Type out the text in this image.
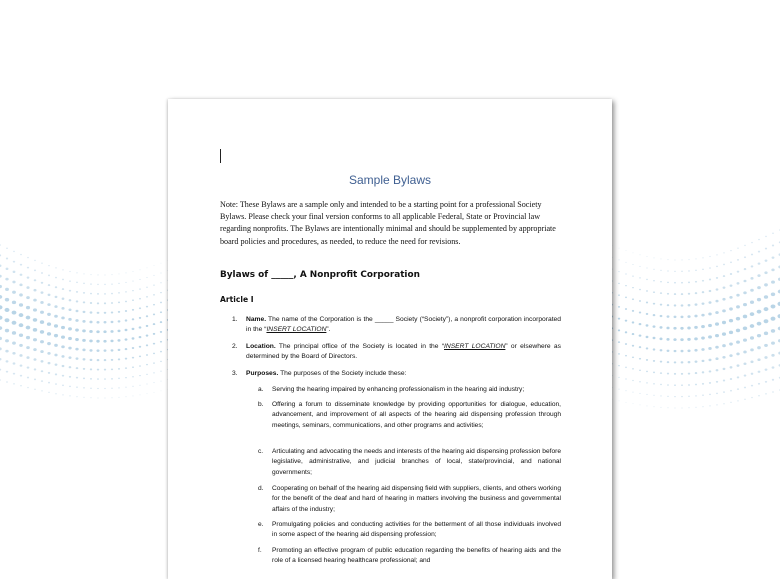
Sample Bylaws
Note: These Bylaws are a sample only and intended to be a starting point for a professional Society Bylaws. Please check your final version conforms to all applicable Federal, State or Provincial law regarding nonprofits. The Bylaws are intentionally minimal and should be supplemented by appropriate board policies and procedures, as needed, to reduce the need for revisions.
Bylaws of _____, A Nonprofit Corporation
Article I
1. Name. The name of the Corporation is the _____ Society (“Society”), a nonprofit corporation incorporated in the “INSERT LOCATION”.
2. Location. The principal office of the Society is located in the “INSERT LOCATION” or elsewhere as determined by the Board of Directors.
3. Purposes. The purposes of the Society include these:
a. Serving the hearing impaired by enhancing professionalism in the hearing aid industry;
b. Offering a forum to disseminate knowledge by providing opportunities for dialogue, education, advancement, and improvement of all aspects of the hearing aid dispensing profession through meetings, seminars, communications, and other programs and activities;
c. Articulating and advocating the needs and interests of the hearing aid dispensing profession before legislative, administrative, and judicial branches of local, state/provincial, and national governments;
d. Cooperating on behalf of the hearing aid dispensing field with suppliers, clients, and others working for the benefit of the deaf and hard of hearing in matters involving the business and governmental affairs of the industry;
e. Promulgating policies and conducting activities for the betterment of all those individuals involved in some aspect of the hearing aid dispensing profession;
f. Promoting an effective program of public education regarding the benefits of hearing aids and the role of a licensed hearing healthcare professional; and
